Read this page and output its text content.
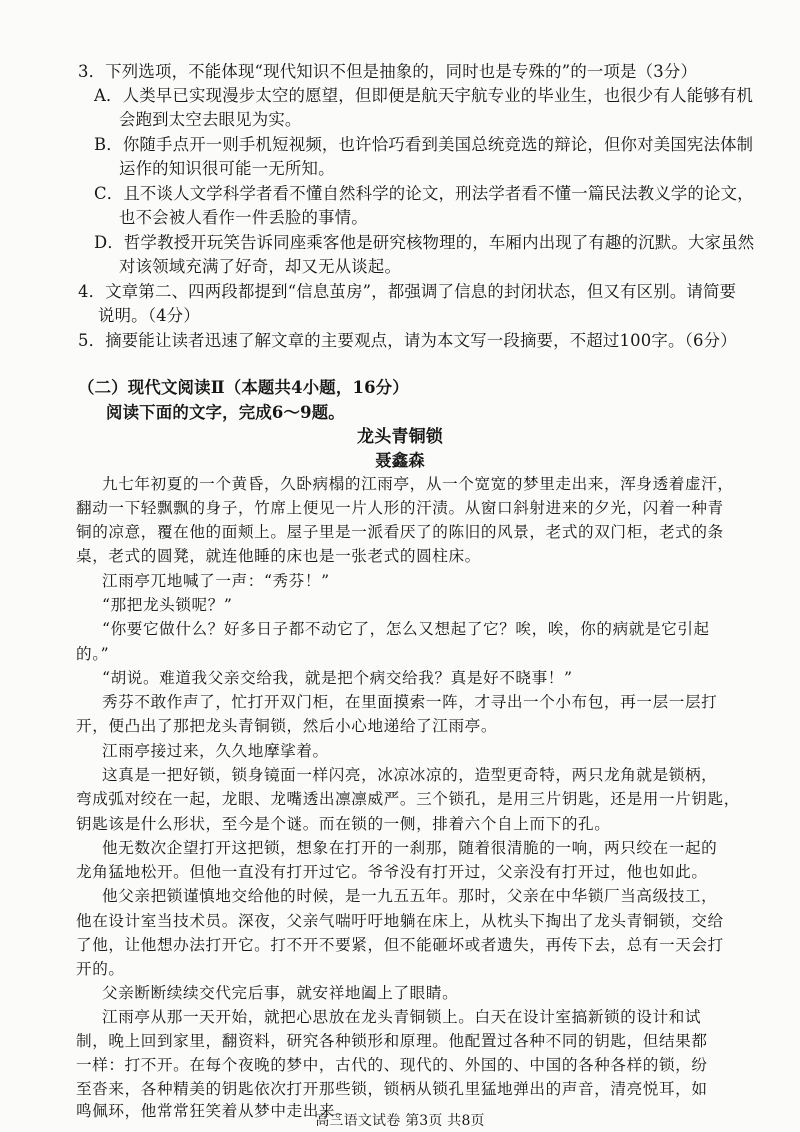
3．下列选项，不能体现“现代知识不但是抽象的，同时也是专殊的”的一项是（3分）
A．人类早已实现漫步太空的愿望，但即便是航天宇航专业的毕业生，也很少有人能够有机
会跑到太空去眼见为实。
B．你随手点开一则手机短视频，也许恰巧看到美国总统竞选的辩论，但你对美国宪法体制
运作的知识很可能一无所知。
C．且不谈人文学科学者看不懂自然科学的论文，刑法学者看不懂一篇民法教义学的论文，
也不会被人看作一件丢脸的事情。
D．哲学教授开玩笑告诉同座乘客他是研究核物理的，车厢内出现了有趣的沉默。大家虽然
对该领域充满了好奇，却又无从谈起。
4．文章第二、四两段都提到“信息茧房”，都强调了信息的封闭状态，但又有区别。请简要
说明。（4分）
5．摘要能让读者迅速了解文章的主要观点，请为本文写一段摘要，不超过100字。（6分）
（二）现代文阅读Ⅱ（本题共4小题，16分）
阅读下面的文字，完成6～9题。
龙头青铜锁
聂鑫森
九七年初夏的一个黄昏，久卧病榻的江雨亭，从一个宽宽的梦里走出来，浑身透着虚汗，
翻动一下轻飘飘的身子，竹席上便见一片人形的汗渍。从窗口斜射进来的夕光，闪着一种青
铜的凉意，覆在他的面颊上。屋子里是一派看厌了的陈旧的风景，老式的双门柜，老式的条
桌，老式的圆凳，就连他睡的床也是一张老式的圆柱床。
江雨亭兀地喊了一声：“秀芬！”
“那把龙头锁呢？”
“你要它做什么？好多日子都不动它了，怎么又想起了它？唉，唉，你的病就是它引起
的。”
“胡说。难道我父亲交给我，就是把个病交给我？真是好不晓事！”
秀芬不敢作声了，忙打开双门柜，在里面摸索一阵，才寻出一个小布包，再一层一层打
开，便凸出了那把龙头青铜锁，然后小心地递给了江雨亭。
江雨亭接过来，久久地摩挲着。
这真是一把好锁，锁身镜面一样闪亮，冰凉冰凉的，造型更奇特，两只龙角就是锁柄，
弯成弧对绞在一起，龙眼、龙嘴透出凛凛威严。三个锁孔，是用三片钥匙，还是用一片钥匙，
钥匙该是什么形状，至今是个谜。而在锁的一侧，排着六个自上而下的孔。
他无数次企望打开这把锁，想象在打开的一刹那，随着很清脆的一响，两只绞在一起的
龙角猛地松开。但他一直没有打开过它。爷爷没有打开过，父亲没有打开过，他也如此。
他父亲把锁谨慎地交给他的时候，是一九五五年。那时，父亲在中华锁厂当高级技工，
他在设计室当技术员。深夜，父亲气喘吁吁地躺在床上，从枕头下掏出了龙头青铜锁，交给
了他，让他想办法打开它。打不开不要紧，但不能砸坏或者遗失，再传下去，总有一天会打
开的。
父亲断断续续交代完后事，就安祥地阖上了眼睛。
江雨亭从那一天开始，就把心思放在龙头青铜锁上。白天在设计室搞新锁的设计和试
制，晚上回到家里，翻资料，研究各种锁形和原理。他配置过各种不同的钥匙，但结果都
一样：打不开。在每个夜晚的梦中，古代的、现代的、外国的、中国的各种各样的锁，纷
至沓来，各种精美的钥匙依次打开那些锁，锁柄从锁孔里猛地弹出的声音，清亮悦耳，如
鸣佩环，他常常狂笑着从梦中走出来。
高三语文试卷 第3页 共8页
